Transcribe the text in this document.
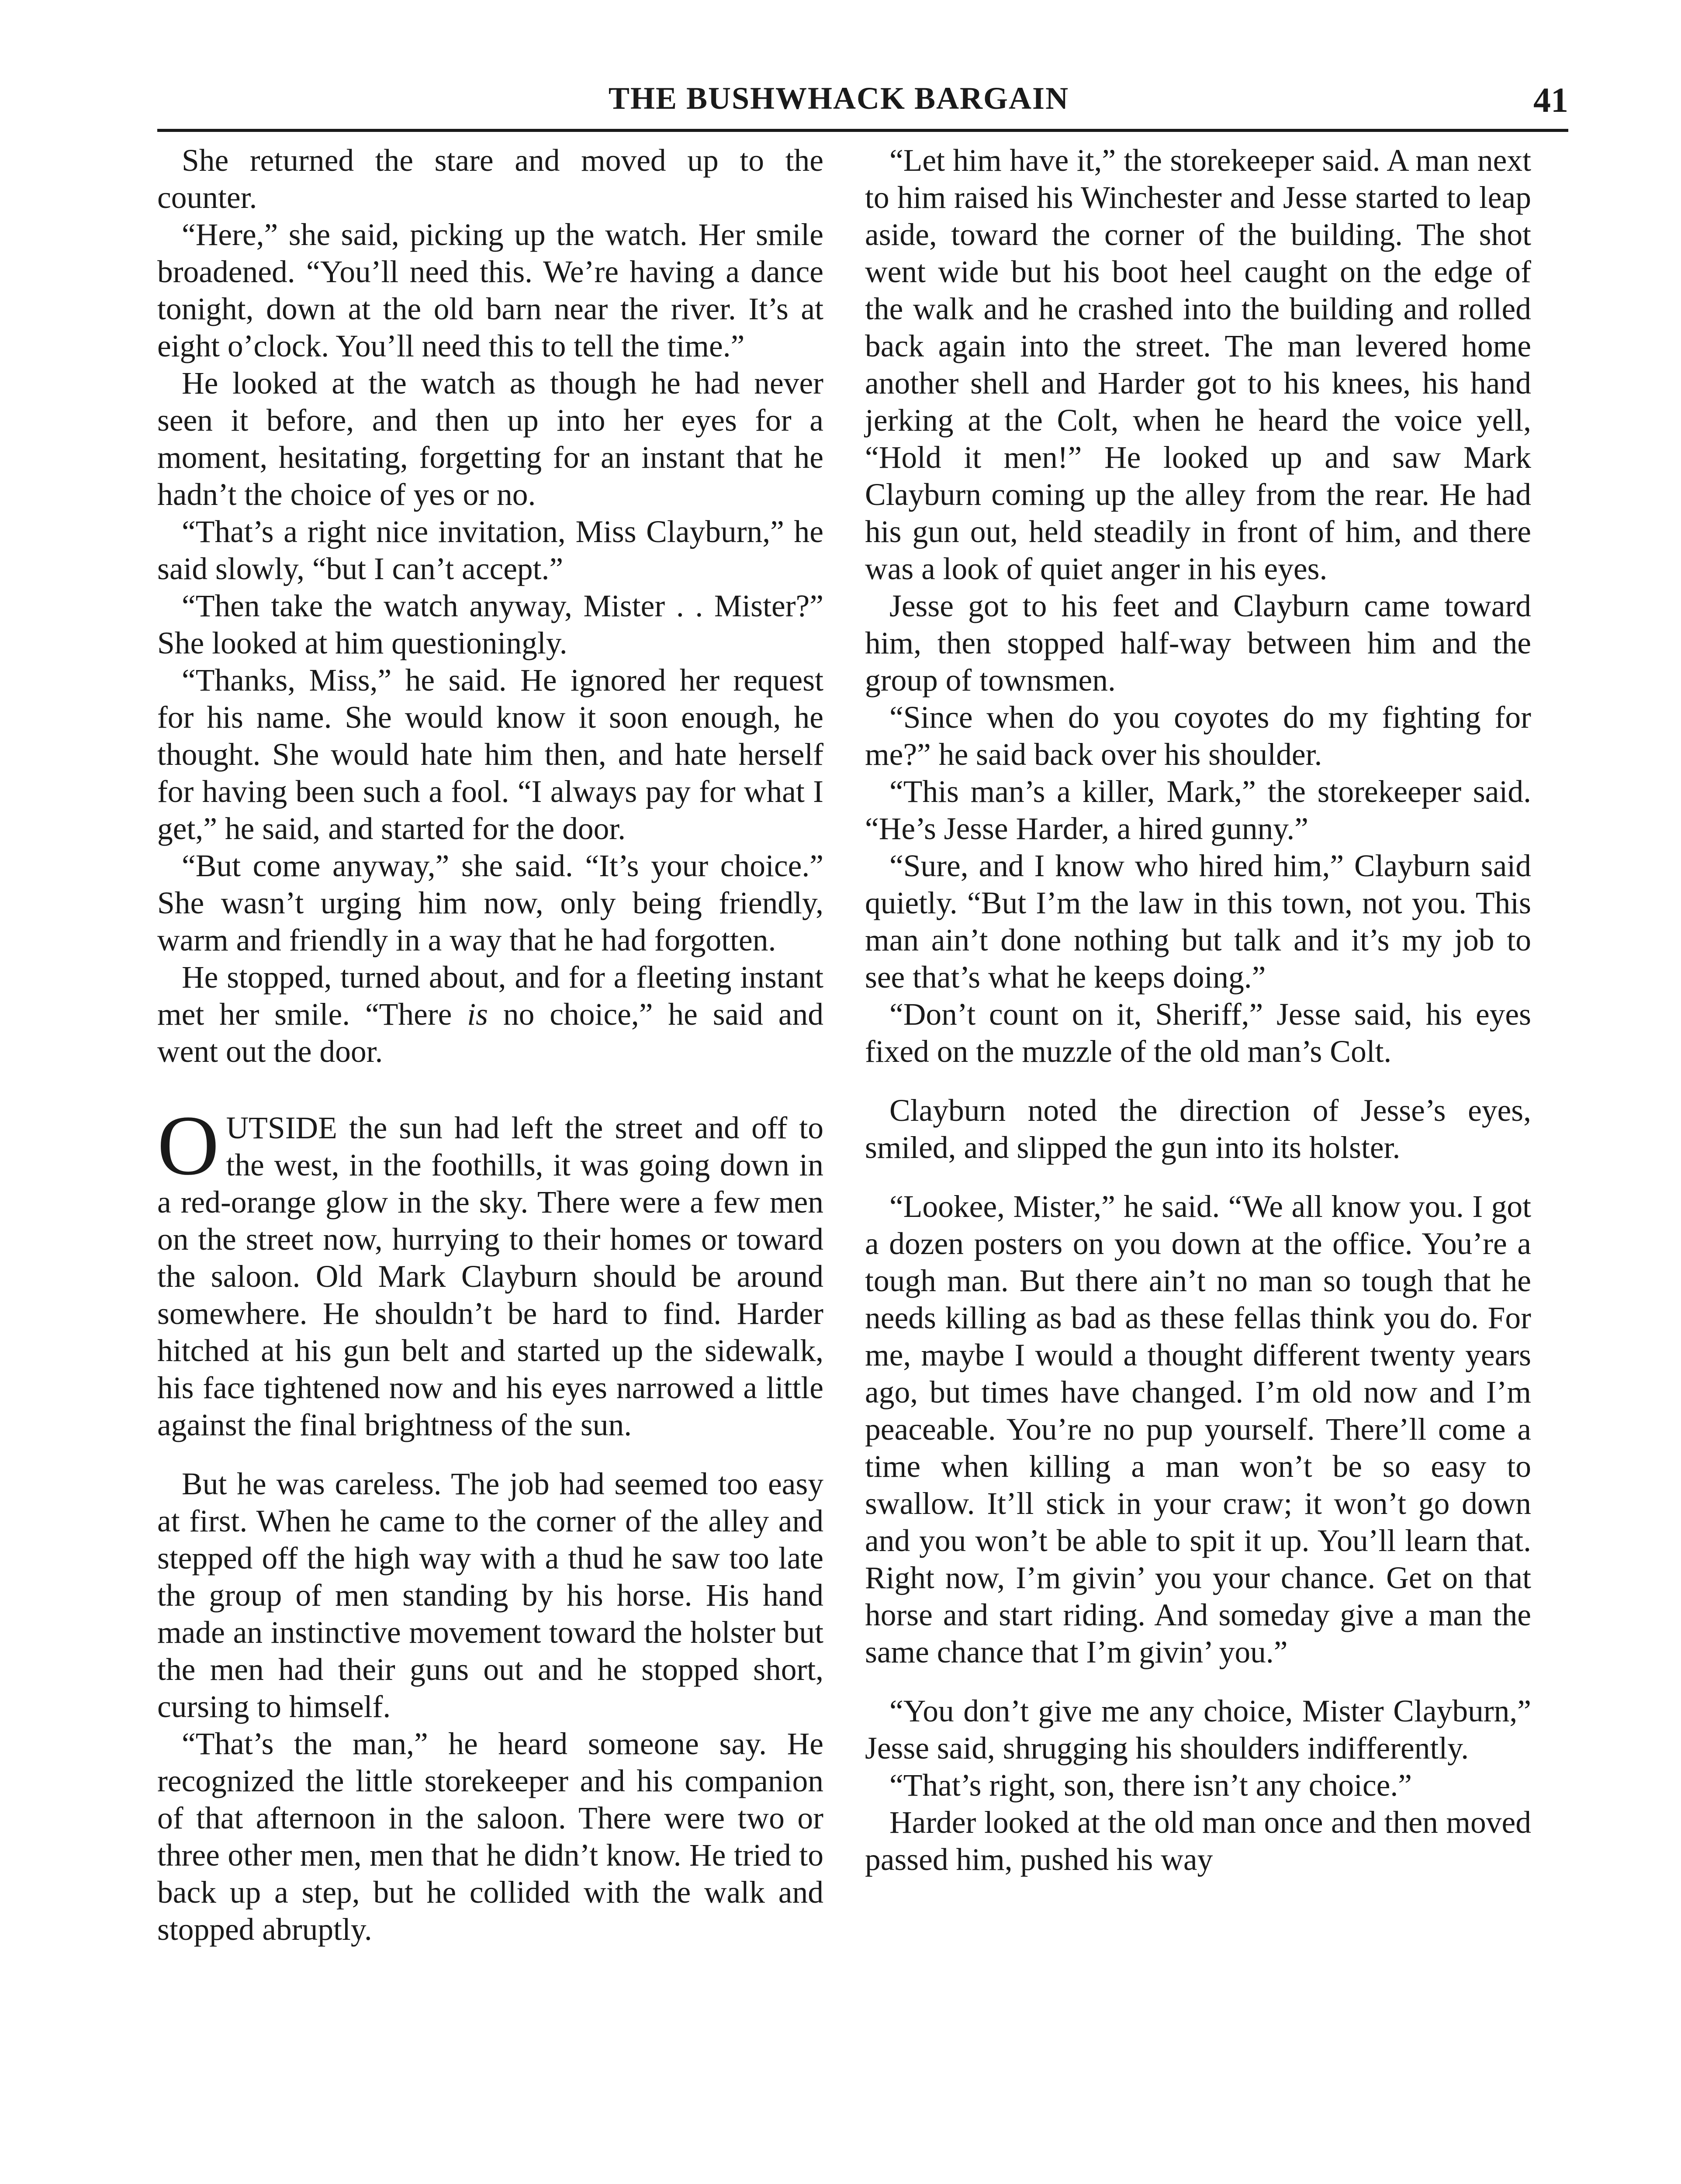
THE BUSHWHACK BARGAIN	41

She returned the stare and moved up to the counter.

“Here,” she said, picking up the watch. Her smile broadened. “You’ll need this. We’re having a dance tonight, down at the old barn near the river. It’s at eight o’clock. You’ll need this to tell the time.”

He looked at the watch as though he had never seen it before, and then up into her eyes for a moment, hesitating, forgetting for an instant that he hadn’t the choice of yes or no.

“That’s a right nice invitation, Miss Clayburn,” he said slowly, “but I can’t accept.”

“Then take the watch anyway, Mister . . Mister?” She looked at him questioningly.

“Thanks, Miss,” he said. He ignored her request for his name. She would know it soon enough, he thought. She would hate him then, and hate herself for having been such a fool. “I always pay for what I get,” he said, and started for the door.

“But come anyway,” she said. “It’s your choice.” She wasn’t urging him now, only being friendly, warm and friendly in a way that he had forgotten.

He stopped, turned about, and for a fleeting instant met her smile. “There is no choice,” he said and went out the door.

OUTSIDE the sun had left the street and off to the west, in the foothills, it was going down in a red-orange glow in the sky. There were a few men on the street now, hurrying to their homes or toward the saloon. Old Mark Clayburn should be around somewhere. He shouldn’t be hard to find. Harder hitched at his gun belt and started up the sidewalk, his face tightened now and his eyes narrowed a little against the final brightness of the sun.

But he was careless. The job had seemed too easy at first. When he came to the corner of the alley and stepped off the high way with a thud he saw too late the group of men standing by his horse. His hand made an instinctive movement toward the holster but the men had their guns out and he stopped short, cursing to himself.

“That’s the man,” he heard someone say. He recognized the little storekeeper and his companion of that afternoon in the saloon. There were two or three other men, men that he didn’t know. He tried to back up a step, but he collided with the walk and stopped abruptly.

“Let him have it,” the storekeeper said. A man next to him raised his Winchester and Jesse started to leap aside, toward the corner of the building. The shot went wide but his boot heel caught on the edge of the walk and he crashed into the building and rolled back again into the street. The man levered home another shell and Harder got to his knees, his hand jerking at the Colt, when he heard the voice yell, “Hold it men!” He looked up and saw Mark Clayburn coming up the alley from the rear. He had his gun out, held steadily in front of him, and there was a look of quiet anger in his eyes.

Jesse got to his feet and Clayburn came toward him, then stopped half-way between him and the group of townsmen.

“Since when do you coyotes do my fighting for me?” he said back over his shoulder.

“This man’s a killer, Mark,” the storekeeper said. “He’s Jesse Harder, a hired gunny.”

“Sure, and I know who hired him,” Clayburn said quietly. “But I’m the law in this town, not you. This man ain’t done nothing but talk and it’s my job to see that’s what he keeps doing.”

“Don’t count on it, Sheriff,” Jesse said, his eyes fixed on the muzzle of the old man’s Colt.

Clayburn noted the direction of Jesse’s eyes, smiled, and slipped the gun into its holster.

“Lookee, Mister,” he said. “We all know you. I got a dozen posters on you down at the office. You’re a tough man. But there ain’t no man so tough that he needs killing as bad as these fellas think you do. For me, maybe I would a thought different twenty years ago, but times have changed. I’m old now and I’m peaceable. You’re no pup yourself. There’ll come a time when killing a man won’t be so easy to swallow. It’ll stick in your craw; it won’t go down and you won’t be able to spit it up. You’ll learn that. Right now, I’m givin’ you your chance. Get on that horse and start riding. And someday give a man the same chance that I’m givin’ you.”

“You don’t give me any choice, Mister Clayburn,” Jesse said, shrugging his shoulders indifferently.

“That’s right, son, there isn’t any choice.”

Harder looked at the old man once and then moved passed him, pushed his way
